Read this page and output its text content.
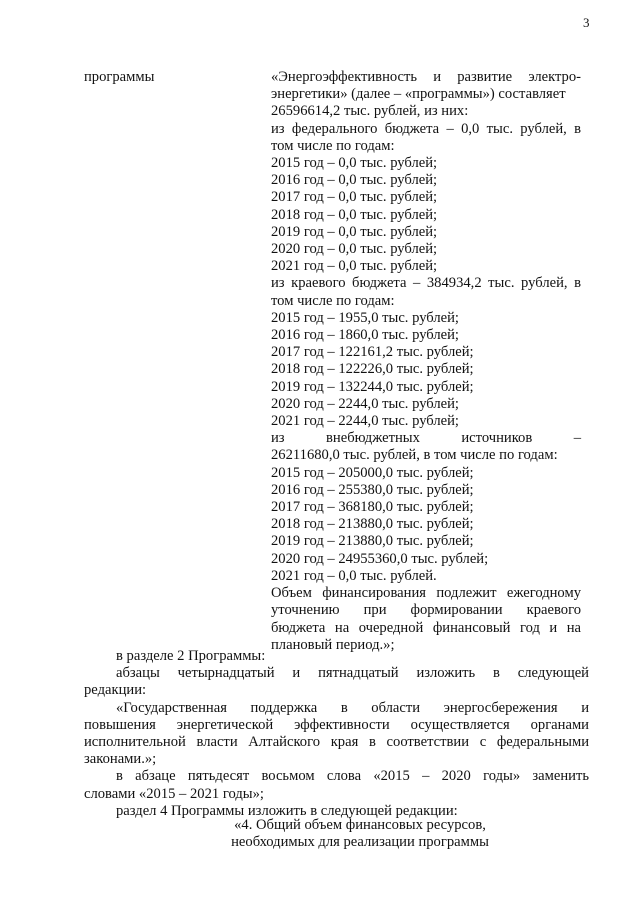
3
программы	«Энергоэффективность и развитие электро-
энергетики» (далее – «программы») составляет
26596614,2 тыс. рублей, из них:
из федерального бюджета – 0,0 тыс. рублей, в
том числе по годам:
2015 год – 0,0 тыс. рублей;
2016 год – 0,0 тыс. рублей;
2017 год – 0,0 тыс. рублей;
2018 год – 0,0 тыс. рублей;
2019 год – 0,0 тыс. рублей;
2020 год – 0,0 тыс. рублей;
2021 год – 0,0 тыс. рублей;
из краевого бюджета – 384934,2 тыс. рублей, в
том числе по годам:
2015 год – 1955,0 тыс. рублей;
2016 год – 1860,0 тыс. рублей;
2017 год – 122161,2 тыс. рублей;
2018 год – 122226,0 тыс. рублей;
2019 год – 132244,0 тыс. рублей;
2020 год – 2244,0 тыс. рублей;
2021 год – 2244,0 тыс. рублей;
из внебюджетных источников –
26211680,0 тыс. рублей, в том числе по годам:
2015 год – 205000,0 тыс. рублей;
2016 год – 255380,0 тыс. рублей;
2017 год – 368180,0 тыс. рублей;
2018 год – 213880,0 тыс. рублей;
2019 год – 213880,0 тыс. рублей;
2020 год – 24955360,0 тыс. рублей;
2021 год – 0,0 тыс. рублей.
Объем финансирования подлежит ежегодному
уточнению при формировании краевого
бюджета на очередной финансовый год и на
плановый период.»;
в разделе 2 Программы:
абзацы четырнадцатый и пятнадцатый изложить в следующей
редакции:
«Государственная поддержка в области энергосбережения и
повышения энергетической эффективности осуществляется органами
исполнительной власти Алтайского края в соответствии с федеральными
законами.»;
в абзаце пятьдесят восьмом слова «2015 – 2020 годы» заменить
словами «2015 – 2021 годы»;
раздел 4 Программы изложить в следующей редакции:
«4. Общий объем финансовых ресурсов,
необходимых для реализации программы
